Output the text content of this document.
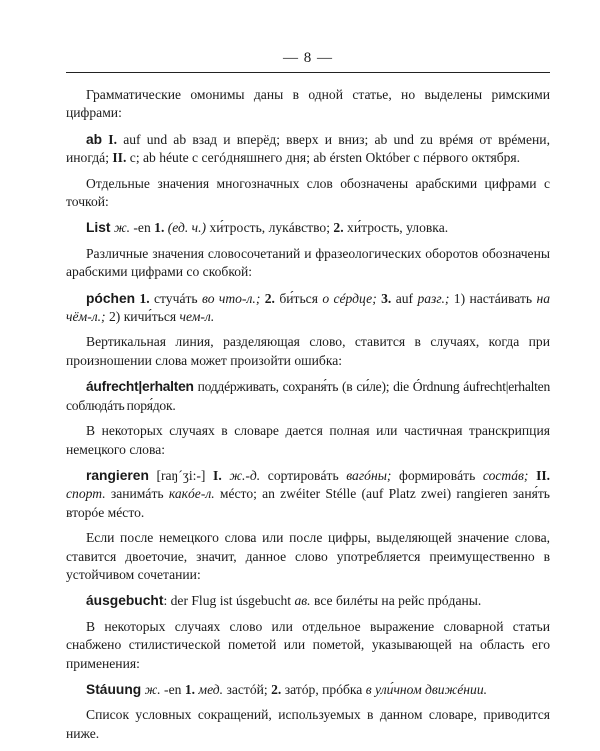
— 8 —

Грамматические омонимы даны в одной статье, но выделены римскими цифрами:

ab I. auf und ab взад и вперёд; вверх и вниз; ab und zu врéмя от врéмени, иногдá; II. с; ab héute с сегóдняшнего дня; ab érsten Október с пéрвого октября.

Отдельные значения многозначных слов обозначены арабскими цифрами с точкой:

List ж. -en 1. (ед. ч.) хи́трость, лукáвство; 2. хи́трость, уловка.

Различные значения словосочетаний и фразеологических оборотов обозначены арабскими цифрами со скобкой:

póchen 1. стучáть во что-л.; 2. би́ться о сéрдце; 3. auf разг.; 1) настáивать на чём-л.; 2) кичи́ться чем-л.

Вертикальная линия, разделяющая слово, ставится в случаях, когда при произношении слова может произойти ошибка:

áufrecht|erhalten поддéрживать, сохраня́ть (в си́ле); die Órdnung áufrecht|erhalten соблюдáть поря́док.

В некоторых случаях в словаре дается полная или частичная транскрипция немецкого слова:

rangieren [raŋ´ʒi:-] I. ж.-д. сортировáть вагóны; формировáть состáв; II. спорт. занимáть какóе-л. мéсто; an zwéiter Stélle (auf Platz zwei) rangieren заня́ть вторóе мéсто.

Если после немецкого слова или после цифры, выделяющей значение слова, ставится двоеточие, значит, данное слово употребляется преимущественно в устойчивом сочетании:

áusgebucht: der Flug ist úsgebucht ав. все билéты на рейс прóданы.

В некоторых случаях слово или отдельное выражение словарной статьи снабжено стилистической пометой или пометой, указывающей на область его применения:

Stáuung ж. -en 1. мед. застóй; 2. затóр, прóбка в ули́чном движéнии.

Список условных сокращений, используемых в данном словаре, приводится ниже.
